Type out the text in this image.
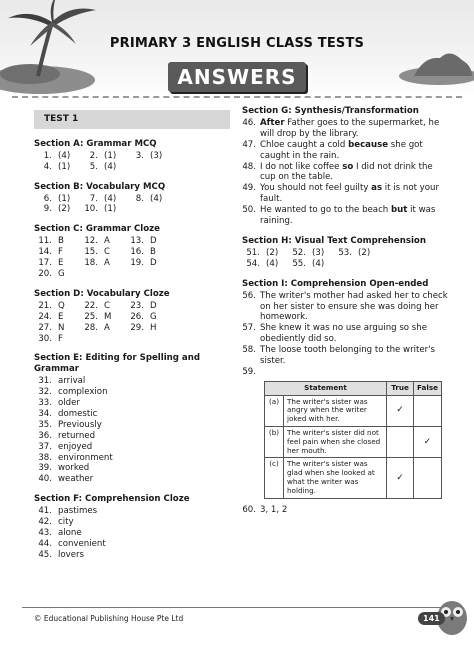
PRIMARY 3 ENGLISH CLASS TESTS
ANSWERS
TEST 1
Section A: Grammar MCQ
1. (4)	2. (1)	3. (3)
4. (1)	5. (4)
Section B: Vocabulary MCQ
6. (1)	7. (4)	8. (4)
9. (2)	10. (1)
Section C: Grammar Cloze
11. B	12. A	13. D
14. F	15. C	16. B
17. E	18. A	19. D
20. G
Section D: Vocabulary Cloze
21. Q	22. C	23. D
24. E	25. M	26. G
27. N	28. A	29. H
30. F
Section E: Editing for Spelling and Grammar
31. arrival
32. complexion
33. older
34. domestic
35. Previously
36. returned
37. enjoyed
38. environment
39. worked
40. weather
Section F: Comprehension Cloze
41. pastimes
42. city
43. alone
44. convenient
45. lovers
Section G: Synthesis/Transformation
46. After Father goes to the supermarket, he will drop by the library.
47. Chloe caught a cold because she got caught in the rain.
48. I do not like coffee so I did not drink the cup on the table.
49. You should not feel guilty as it is not your fault.
50. He wanted to go to the beach but it was raining.
Section H: Visual Text Comprehension
51. (2)	52. (3)	53. (2)
54. (4)	55. (4)
Section I: Comprehension Open-ended
56. The writer's mother had asked her to check on her sister to ensure she was doing her homework.
57. She knew it was no use arguing so she obediently did so.
58. The loose tooth belonging to the writer's sister.
59.
Statement		True	False
(a)	The writer's sister was angry when the writer joked with her.	✓	
(b)	The writer's sister did not feel pain when she closed her mouth.		✓
(c)	The writer's sister was glad when she looked at what the writer was holding.	✓	
60. 3, 1, 2
© Educational Publishing House Pte Ltd	141
